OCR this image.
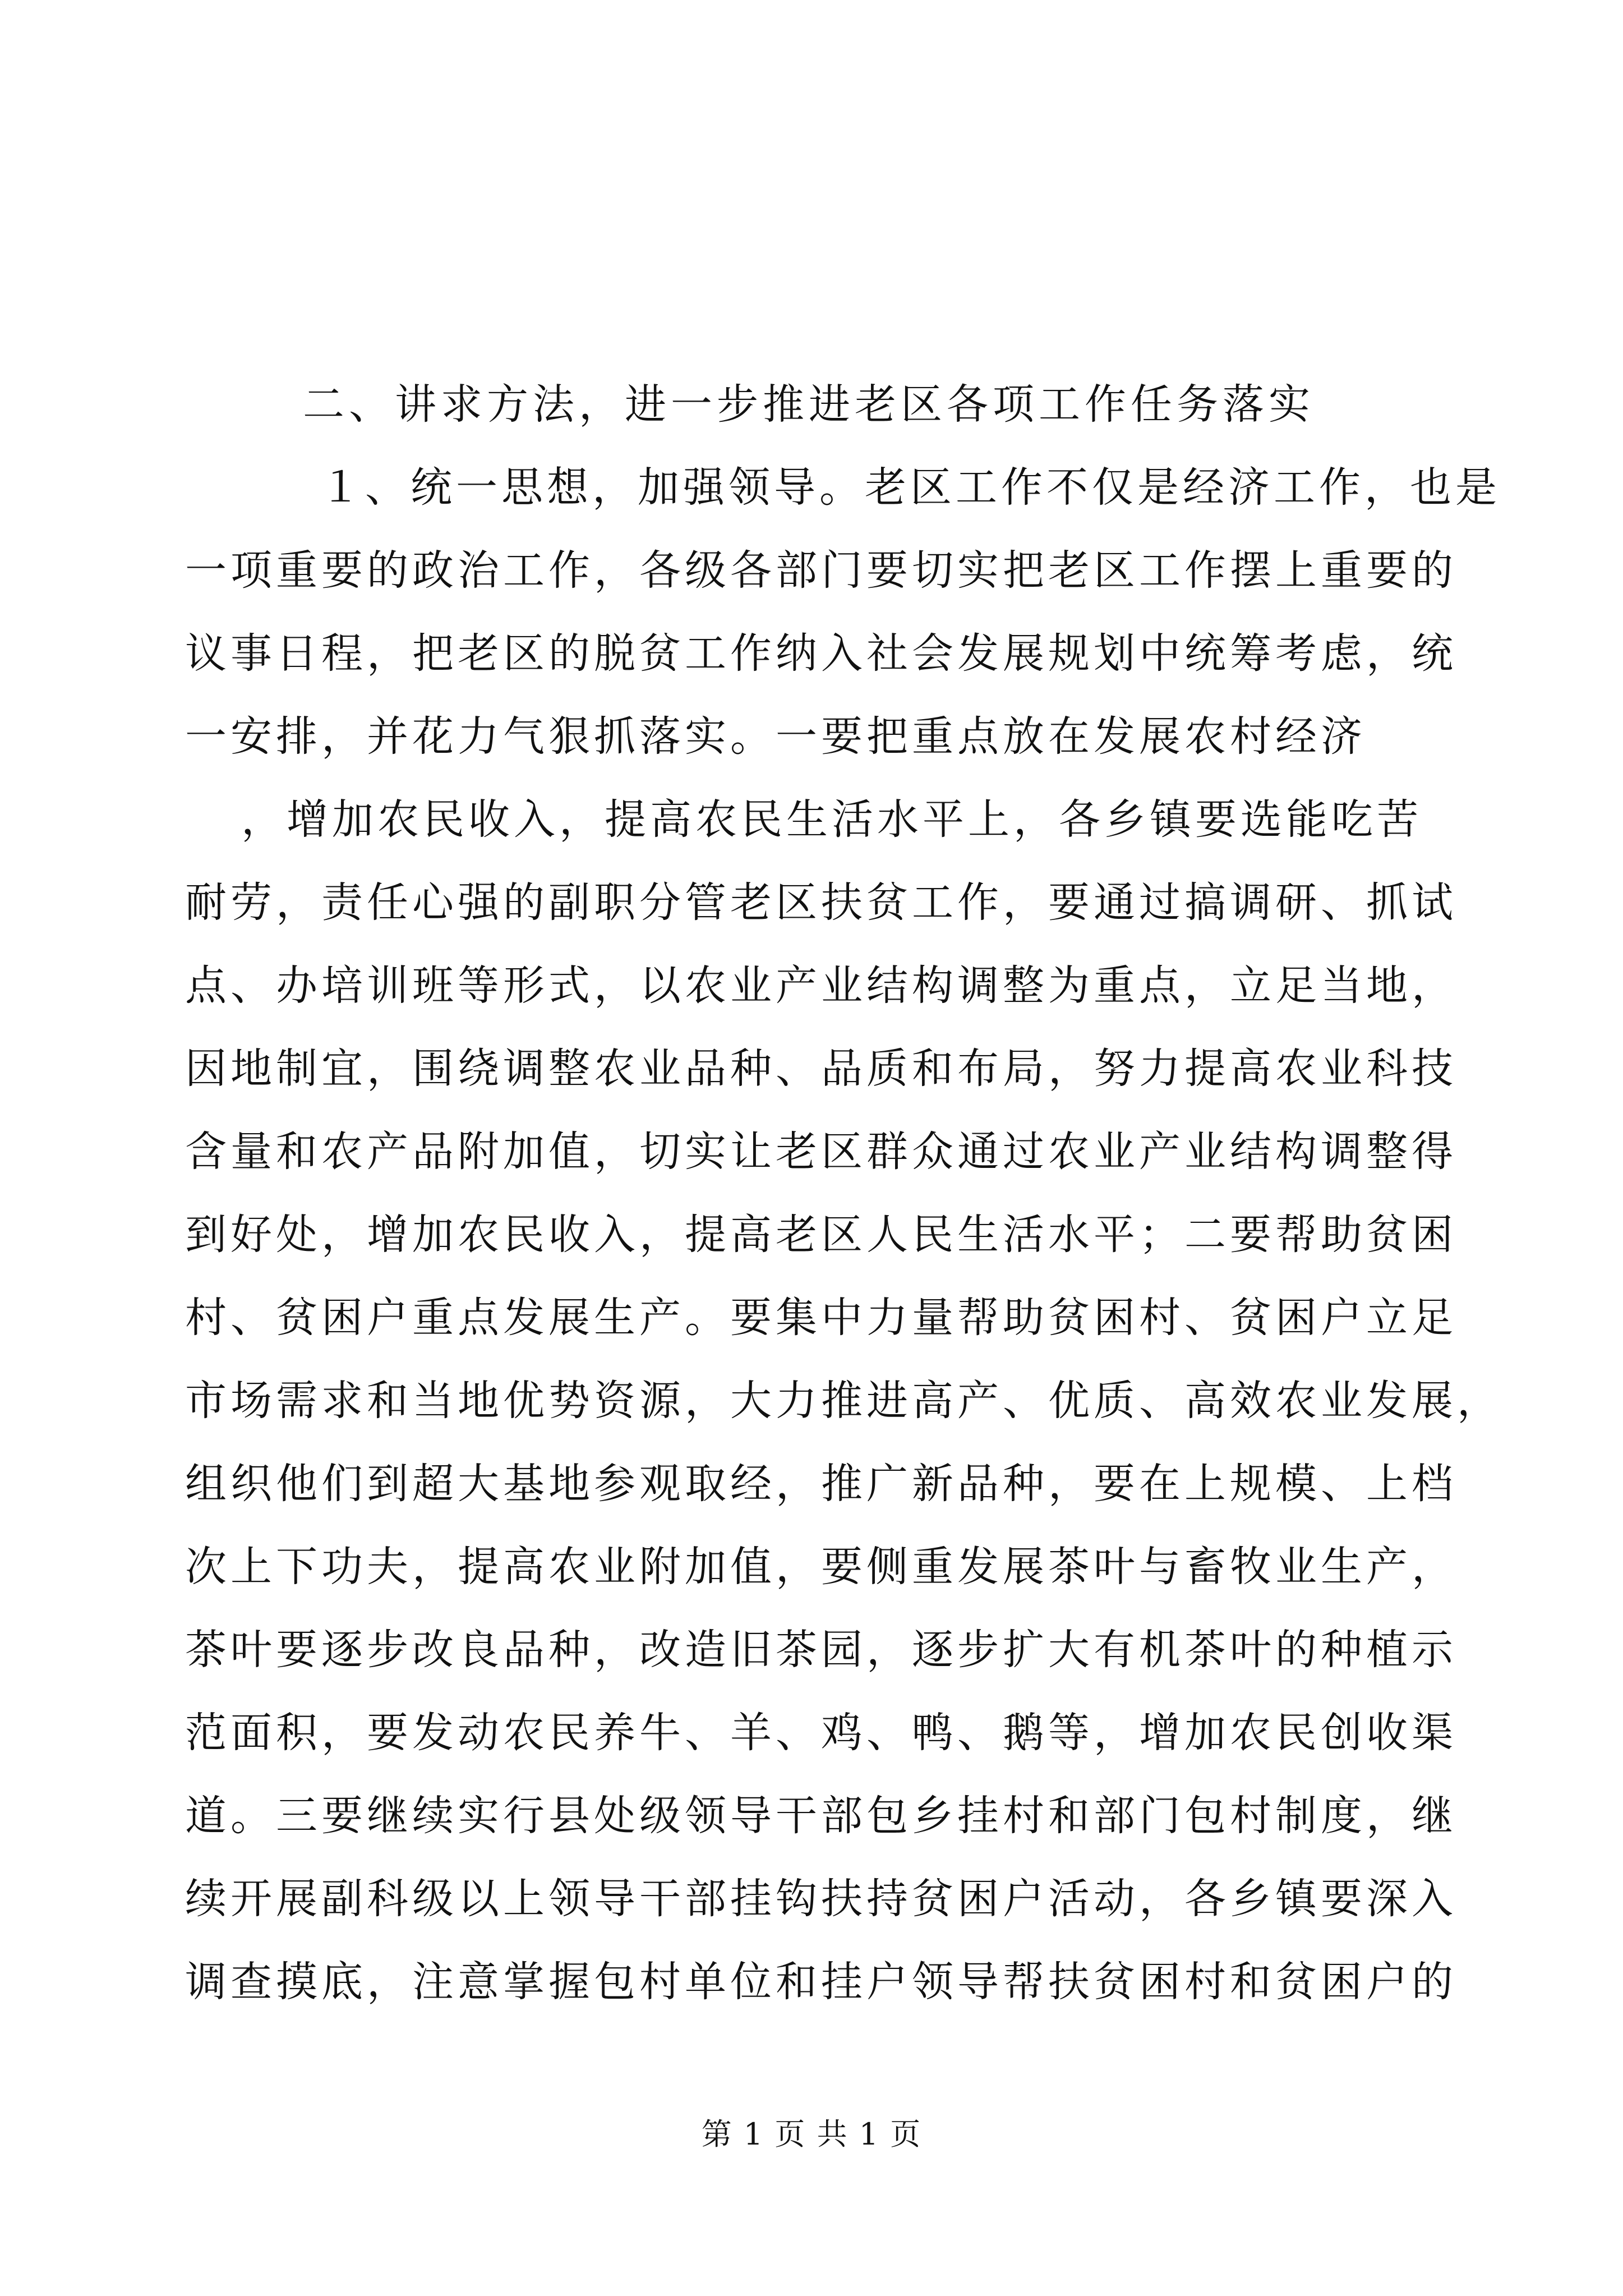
二、讲求方法，进一步推进老区各项工作任务落实
１、统一思想，加强领导。老区工作不仅是经济工作，也是
一项重要的政治工作，各级各部门要切实把老区工作摆上重要的
议事日程，把老区的脱贫工作纳入社会发展规划中统筹考虑，统
一安排，并花力气狠抓落实。一要把重点放在发展农村经济
，增加农民收入，提高农民生活水平上，各乡镇要选能吃苦
耐劳，责任心强的副职分管老区扶贫工作，要通过搞调研、抓试
点、办培训班等形式，以农业产业结构调整为重点，立足当地，
因地制宜，围绕调整农业品种、品质和布局，努力提高农业科技
含量和农产品附加值，切实让老区群众通过农业产业结构调整得
到好处，增加农民收入，提高老区人民生活水平；二要帮助贫困
村、贫困户重点发展生产。要集中力量帮助贫困村、贫困户立足
市场需求和当地优势资源，大力推进高产、优质、高效农业发展，
组织他们到超大基地参观取经，推广新品种，要在上规模、上档
次上下功夫，提高农业附加值，要侧重发展茶叶与畜牧业生产，
茶叶要逐步改良品种，改造旧茶园，逐步扩大有机茶叶的种植示
范面积，要发动农民养牛、羊、鸡、鸭、鹅等，增加农民创收渠
道。三要继续实行县处级领导干部包乡挂村和部门包村制度，继
续开展副科级以上领导干部挂钩扶持贫困户活动，各乡镇要深入
调查摸底，注意掌握包村单位和挂户领导帮扶贫困村和贫困户的
第 1 页 共 1 页
